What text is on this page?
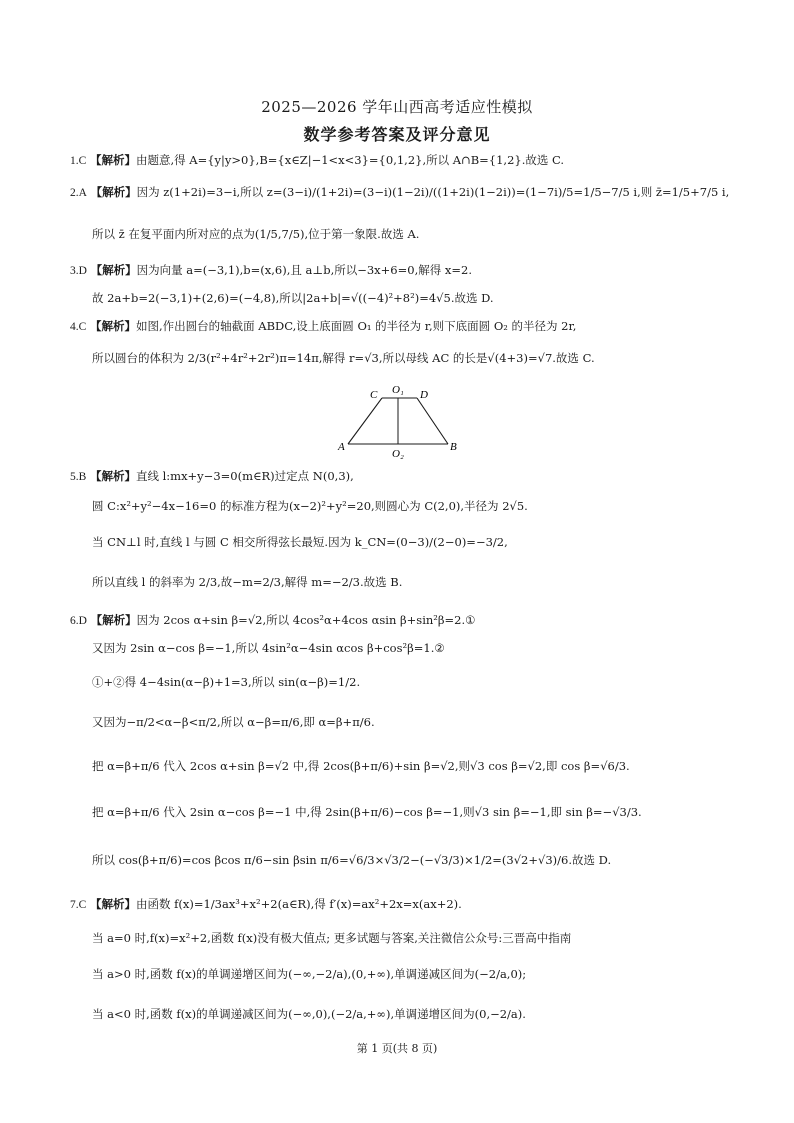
2025—2026 学年山西高考适应性模拟
数学参考答案及评分意见
1.C 【解析】由题意,得 A={y|y>0},B={x∈Z|−1<x<3}={0,1,2},所以 A∩B={1,2}.故选 C.
2.A 【解析】因为 z(1+2i)=3−i,所以 z=(3−i)/(1+2i)=(3−i)(1−2i)/((1+2i)(1−2i))=(1−7i)/5=1/5−7/5 i,则 z̄=1/5+7/5 i,
所以 z̄ 在复平面内所对应的点为(1/5,7/5),位于第一象限.故选 A.
3.D 【解析】因为向量 a=(−3,1),b=(x,6),且 a⊥b,所以−3x+6=0,解得 x=2.
故 2a+b=2(−3,1)+(2,6)=(−4,8),所以|2a+b|=√((−4)²+8²)=4√5.故选 D.
4.C 【解析】如图,作出圆台的轴截面 ABDC,设上底面圆 O₁ 的半径为 r,则下底面圆 O₂ 的半径为 2r,
所以圆台的体积为 2/3(r²+4r²+2r²)π=14π,解得 r=√3,所以母线 AC 的长是√(4+3)=√7.故选 C.
C O₁ D
A
O₂
B
5.B 【解析】直线 l:mx+y−3=0(m∈R)过定点 N(0,3),
圆 C:x²+y²−4x−16=0 的标准方程为(x−2)²+y²=20,则圆心为 C(2,0),半径为 2√5.
当 CN⊥l 时,直线 l 与圆 C 相交所得弦长最短.因为 k_CN=(0−3)/(2−0)=−3/2,
所以直线 l 的斜率为 2/3,故−m=2/3,解得 m=−2/3.故选 B.
6.D 【解析】因为 2cos α+sin β=√2,所以 4cos²α+4cos αsin β+sin²β=2.①
又因为 2sin α−cos β=−1,所以 4sin²α−4sin αcos β+cos²β=1.②
①+②得 4−4sin(α−β)+1=3,所以 sin(α−β)=1/2.
又因为−π/2<α−β<π/2,所以 α−β=π/6,即 α=β+π/6.
把 α=β+π/6 代入 2cos α+sin β=√2 中,得 2cos(β+π/6)+sin β=√2,则√3 cos β=√2,即 cos β=√6/3.
把 α=β+π/6 代入 2sin α−cos β=−1 中,得 2sin(β+π/6)−cos β=−1,则√3 sin β=−1,即 sin β=−√3/3.
所以 cos(β+π/6)=cos βcos π/6−sin βsin π/6=√6/3×√3/2−(−√3/3)×1/2=(3√2+√3)/6.故选 D.
7.C 【解析】由函数 f(x)=1/3ax³+x²+2(a∈R),得 f′(x)=ax²+2x=x(ax+2).
当 a=0 时,f(x)=x²+2,函数 f(x)没有极大值点; 更多试题与答案,关注微信公众号:三晋高中指南
当 a>0 时,函数 f(x)的单调递增区间为(−∞,−2/a),(0,+∞),单调递减区间为(−2/a,0);
当 a<0 时,函数 f(x)的单调递减区间为(−∞,0),(−2/a,+∞),单调递增区间为(0,−2/a).
第 1 页(共 8 页)
